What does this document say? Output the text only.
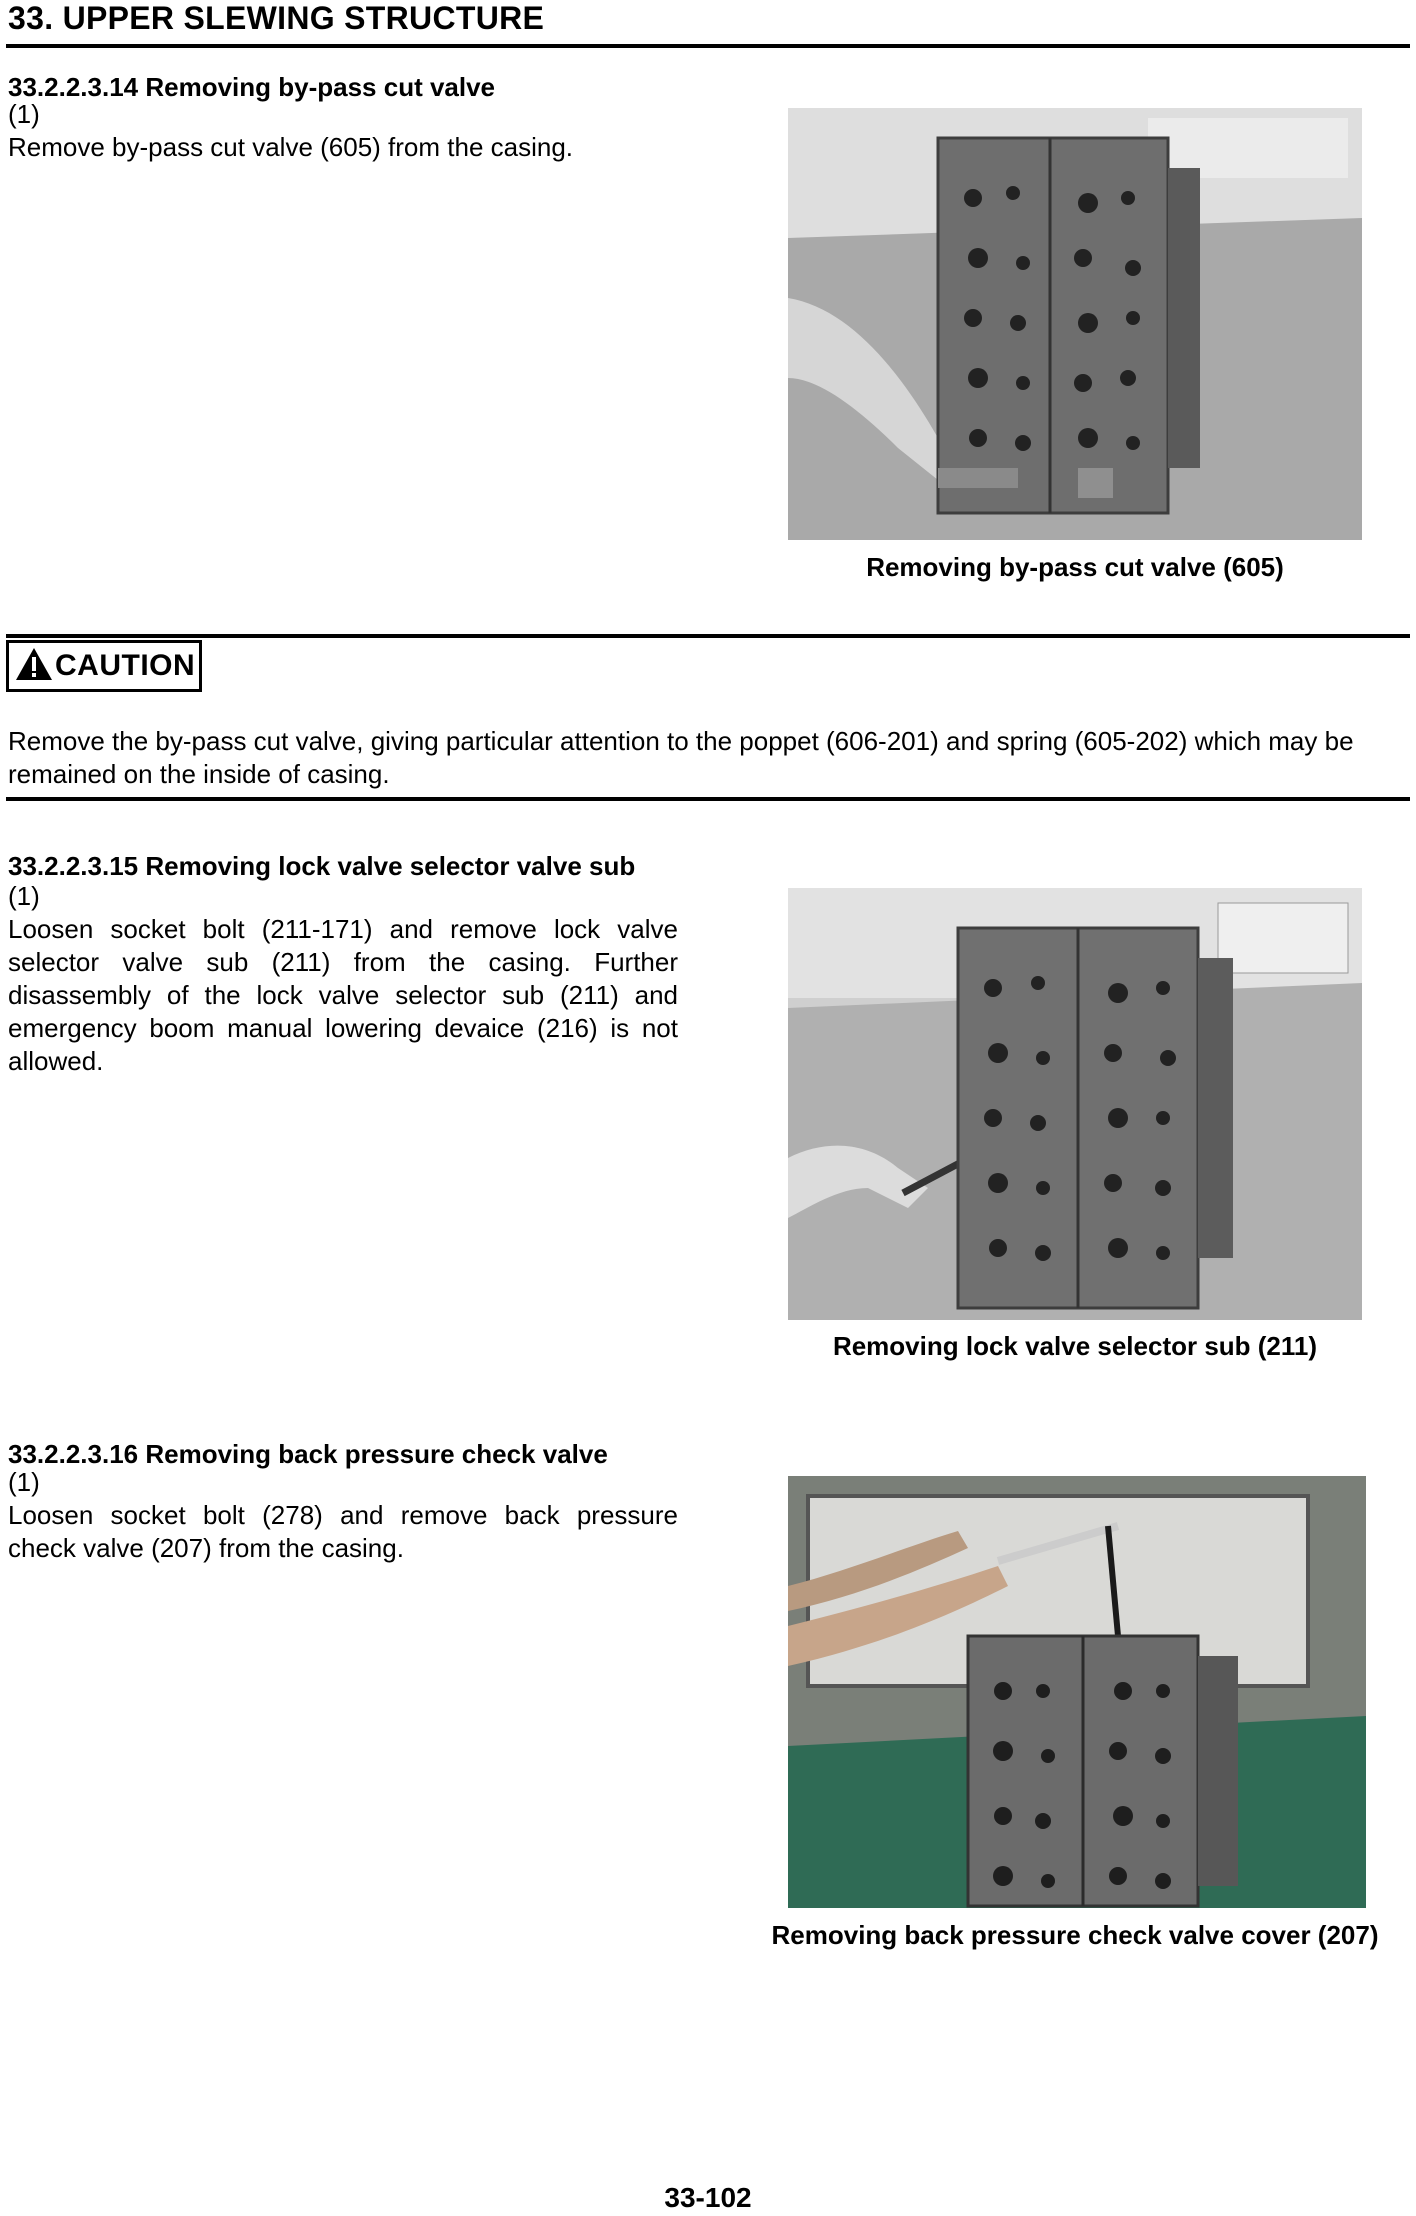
33. UPPER SLEWING STRUCTURE
33.2.2.3.14 Removing by-pass cut valve
(1)
Remove by-pass cut valve (605) from the casing.
Removing by-pass cut valve (605)
CAUTION
Remove the by-pass cut valve, giving particular attention to the poppet (606-201) and spring (605-202) which may be remained on the inside of casing.
33.2.2.3.15 Removing lock valve selector valve sub
(1)
Loosen socket bolt (211-171) and remove lock valve selector valve sub (211) from the casing. Further disassembly of the lock valve selector sub (211) and emergency boom manual lowering devaice (216) is not allowed.
Removing lock valve selector sub (211)
33.2.2.3.16 Removing back pressure check valve
(1)
Loosen socket bolt (278) and remove back pressure check valve (207) from the casing.
Removing back pressure check valve cover (207)
33-102
